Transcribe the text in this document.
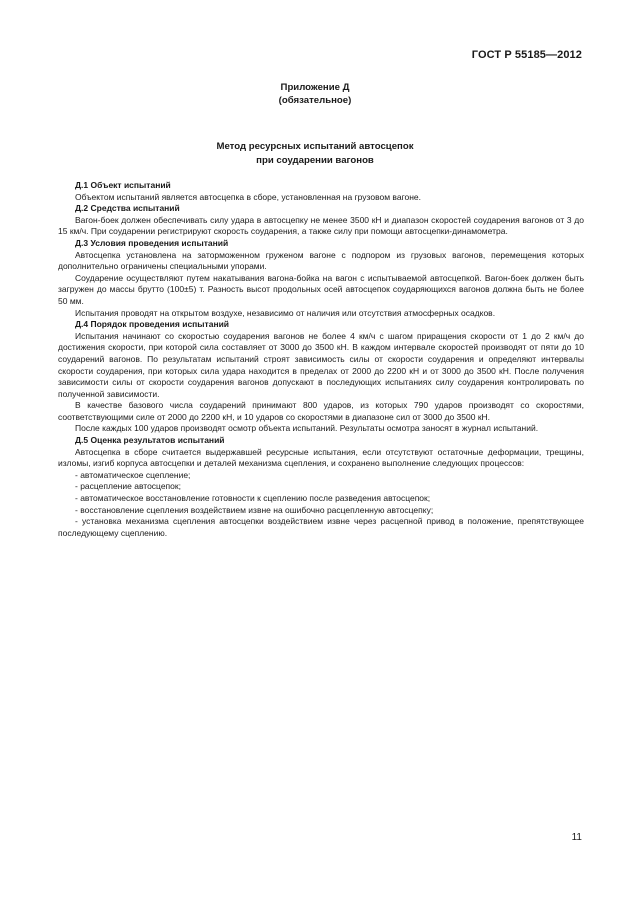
ГОСТ Р 55185—2012
Приложение Д
(обязательное)
Метод ресурсных испытаний автосцепок
при соударении вагонов
Д.1 Объект испытаний

Объектом испытаний является автосцепка в сборе, установленная на грузовом вагоне.

Д.2 Средства испытаний

Вагон-боек должен обеспечивать силу удара в автосцепку не менее 3500 кН и диапазон скоростей соударения вагонов от 3 до 15 км/ч. При соударении регистрируют скорость соударения, а также силу при помощи автосцепки-динамометра.

Д.3 Условия проведения испытаний

Автосцепка установлена на заторможенном груженом вагоне с подпором из грузовых вагонов, перемещения которых дополнительно ограничены специальными упорами.

Соударение осуществляют путем накатывания вагона-бойка на вагон с испытываемой автосцепкой. Вагон-боек должен быть загружен до массы брутто (100±5) т. Разность высот продольных осей автосцепок соударяющихся вагонов должна быть не более 50 мм.

Испытания проводят на открытом воздухе, независимо от наличия или отсутствия атмосферных осадков.

Д.4 Порядок проведения испытаний

Испытания начинают со скоростью соударения вагонов не более 4 км/ч с шагом приращения скорости от 1 до 2 км/ч до достижения скорости, при которой сила составляет от 3000 до 3500 кН. В каждом интервале скоростей производят от пяти до 10 соударений вагонов. По результатам испытаний строят зависимость силы от скорости соударения и определяют интервалы скорости соударения, при которых сила удара находится в пределах от 2000 до 2200 кН и от 3000 до 3500 кН. После получения зависимости силы от скорости соударения вагонов допускают в последующих испытаниях силу соударения контролировать по полученной зависимости.

В качестве базового числа соударений принимают 800 ударов, из которых 790 ударов производят со скоростями, соответствующими силе от 2000 до 2200 кН, и 10 ударов со скоростями в диапазоне сил от 3000 до 3500 кН.

После каждых 100 ударов производят осмотр объекта испытаний. Результаты осмотра заносят в журнал испытаний.

Д.5 Оценка результатов испытаний

Автосцепка в сборе считается выдержавшей ресурсные испытания, если отсутствуют остаточные деформации, трещины, изломы, изгиб корпуса автосцепки и деталей механизма сцепления, и сохранено выполнение следующих процессов:

- автоматическое сцепление;
- расцепление автосцепок;
- автоматическое восстановление готовности к сцеплению после разведения автосцепок;
- восстановление сцепления воздействием извне на ошибочно расцепленную автосцепку;
- установка механизма сцепления автосцепки воздействием извне через расцепной привод в положение, препятствующее последующему сцеплению.
11
